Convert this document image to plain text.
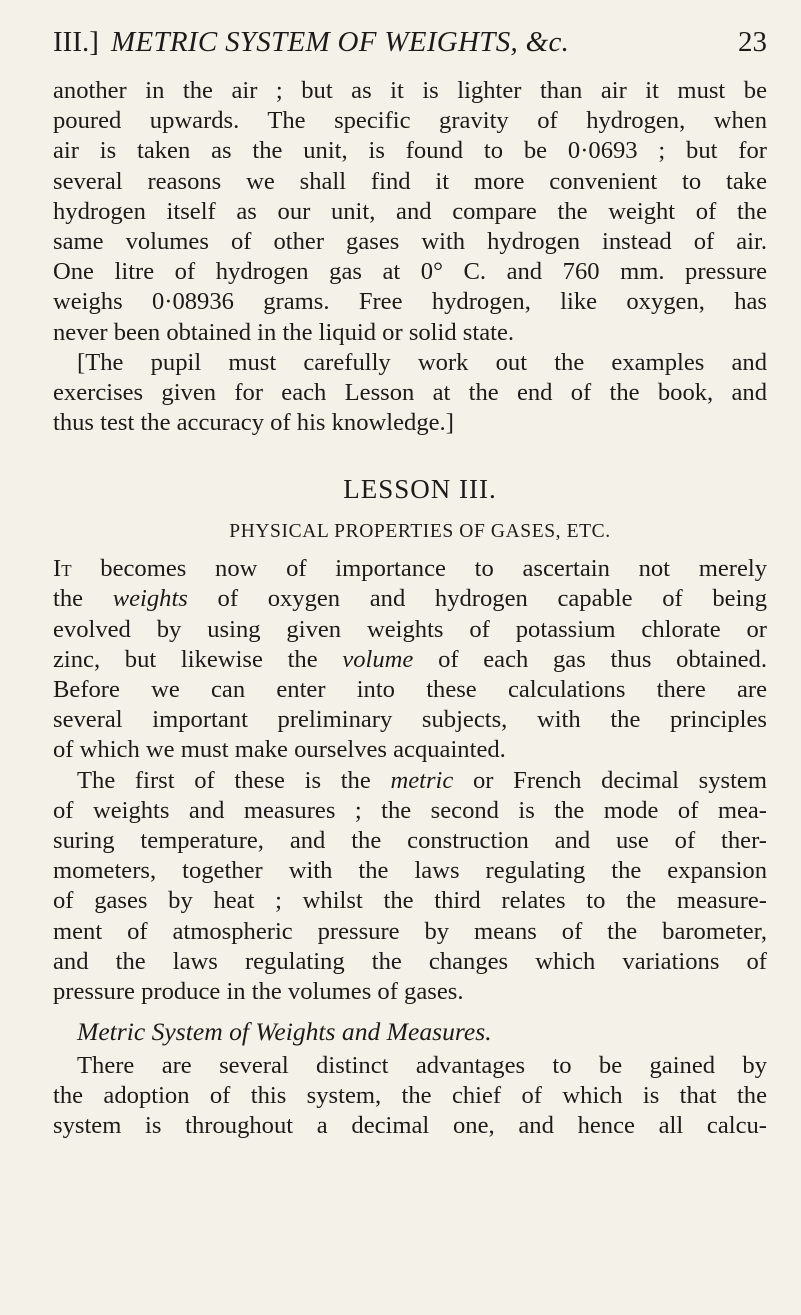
III.] METRIC SYSTEM OF WEIGHTS, &c.	23
another in the air ; but as it is lighter than air it must be
poured upwards. The specific gravity of hydrogen, when
air is taken as the unit, is found to be 0·0693 ; but for
several reasons we shall find it more convenient to take
hydrogen itself as our unit, and compare the weight of the
same volumes of other gases with hydrogen instead of air.
One litre of hydrogen gas at 0° C. and 760 mm. pressure
weighs 0·08936 grams. Free hydrogen, like oxygen, has
never been obtained in the liquid or solid state.
[The pupil must carefully work out the examples and
exercises given for each Lesson at the end of the book, and
thus test the accuracy of his knowledge.]
LESSON III.
PHYSICAL PROPERTIES OF GASES, ETC.
It becomes now of importance to ascertain not merely
the weights of oxygen and hydrogen capable of being
evolved by using given weights of potassium chlorate or
zinc, but likewise the volume of each gas thus obtained.
Before we can enter into these calculations there are
several important preliminary subjects, with the principles
of which we must make ourselves acquainted.
The first of these is the metric or French decimal system
of weights and measures ; the second is the mode of mea-
suring temperature, and the construction and use of ther-
mometers, together with the laws regulating the expansion
of gases by heat ; whilst the third relates to the measure-
ment of atmospheric pressure by means of the barometer,
and the laws regulating the changes which variations of
pressure produce in the volumes of gases.
Metric System of Weights and Measures.
There are several distinct advantages to be gained by
the adoption of this system, the chief of which is that the
system is throughout a decimal one, and hence all calcu-
